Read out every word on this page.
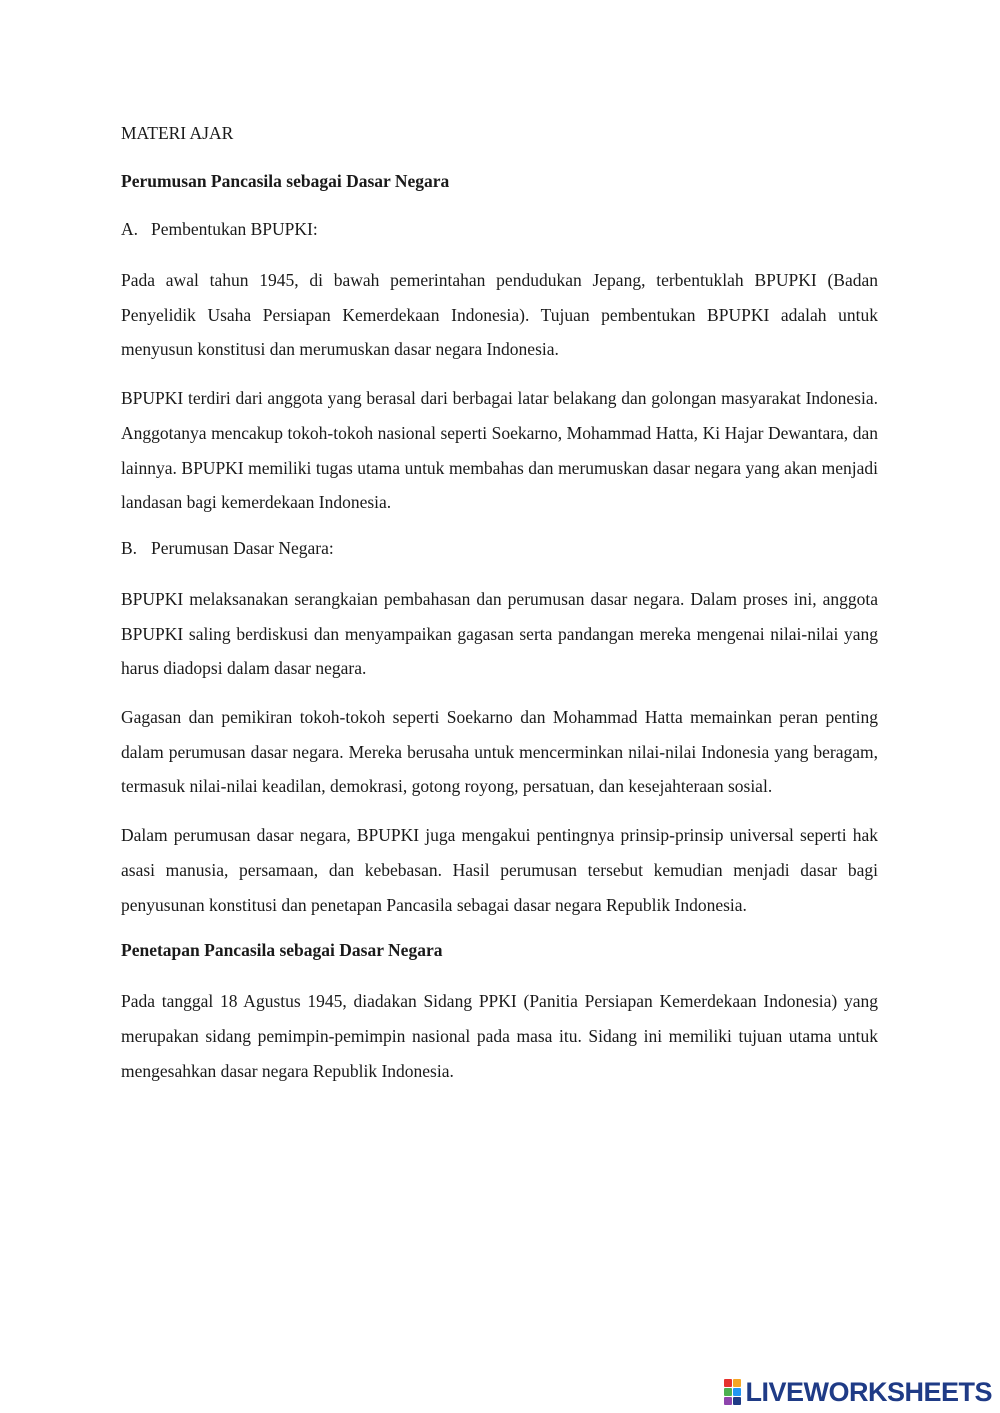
MATERI AJAR
Perumusan Pancasila sebagai Dasar Negara
A. Pembentukan BPUPKI:

Pada awal tahun 1945, di bawah pemerintahan pendudukan Jepang, terbentuklah BPUPKI (Badan Penyelidik Usaha Persiapan Kemerdekaan Indonesia). Tujuan pembentukan BPUPKI adalah untuk menyusun konstitusi dan merumuskan dasar negara Indonesia.

BPUPKI terdiri dari anggota yang berasal dari berbagai latar belakang dan golongan masyarakat Indonesia. Anggotanya mencakup tokoh-tokoh nasional seperti Soekarno, Mohammad Hatta, Ki Hajar Dewantara, dan lainnya. BPUPKI memiliki tugas utama untuk membahas dan merumuskan dasar negara yang akan menjadi landasan bagi kemerdekaan Indonesia.

B. Perumusan Dasar Negara:

BPUPKI melaksanakan serangkaian pembahasan dan perumusan dasar negara. Dalam proses ini, anggota BPUPKI saling berdiskusi dan menyampaikan gagasan serta pandangan mereka mengenai nilai-nilai yang harus diadopsi dalam dasar negara.

Gagasan dan pemikiran tokoh-tokoh seperti Soekarno dan Mohammad Hatta memainkan peran penting dalam perumusan dasar negara. Mereka berusaha untuk mencerminkan nilai-nilai Indonesia yang beragam, termasuk nilai-nilai keadilan, demokrasi, gotong royong, persatuan, dan kesejahteraan sosial.

Dalam perumusan dasar negara, BPUPKI juga mengakui pentingnya prinsip-prinsip universal seperti hak asasi manusia, persamaan, dan kebebasan. Hasil perumusan tersebut kemudian menjadi dasar bagi penyusunan konstitusi dan penetapan Pancasila sebagai dasar negara Republik Indonesia.

Penetapan Pancasila sebagai Dasar Negara

Pada tanggal 18 Agustus 1945, diadakan Sidang PPKI (Panitia Persiapan Kemerdekaan Indonesia) yang merupakan sidang pemimpin-pemimpin nasional pada masa itu. Sidang ini memiliki tujuan utama untuk mengesahkan dasar negara Republik Indonesia.

LIVEWORKSHEETS
